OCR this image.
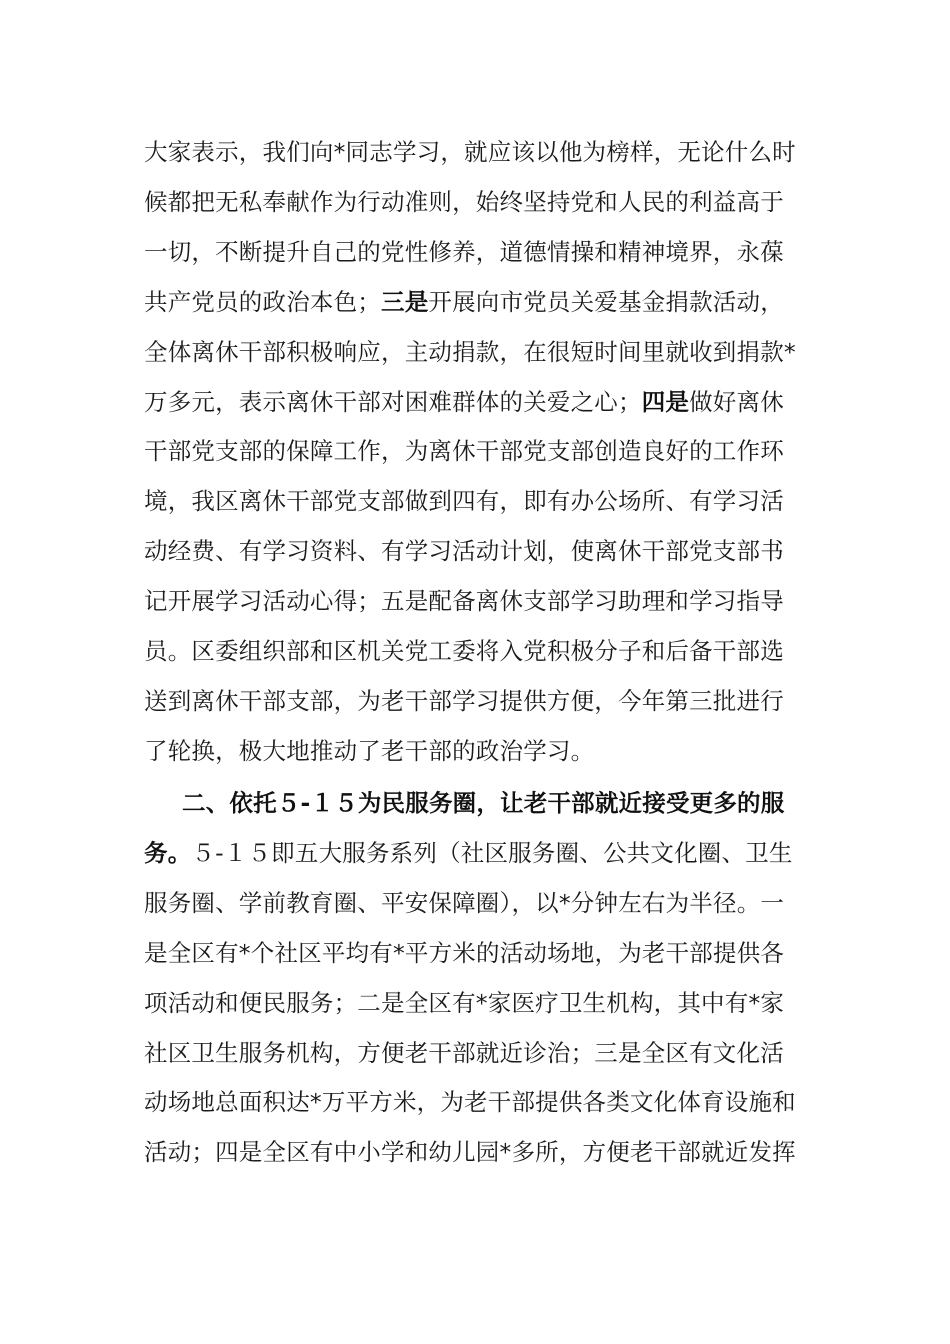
大家表示，我们向*同志学习，就应该以他为榜样，无论什么时
候都把无私奉献作为行动准则，始终坚持党和人民的利益高于
一切，不断提升自己的党性修养，道德情操和精神境界，永葆
共产党员的政治本色；三是开展向市党员关爱基金捐款活动，
全体离休干部积极响应，主动捐款，在很短时间里就收到捐款*
万多元，表示离休干部对困难群体的关爱之心；四是做好离休
干部党支部的保障工作，为离休干部党支部创造良好的工作环
境，我区离休干部党支部做到四有，即有办公场所、有学习活
动经费、有学习资料、有学习活动计划，使离休干部党支部书
记开展学习活动心得；五是配备离休支部学习助理和学习指导
员。区委组织部和区机关党工委将入党积极分子和后备干部选
送到离休干部支部，为老干部学习提供方便，今年第三批进行
了轮换，极大地推动了老干部的政治学习。
二、依托５-１５为民服务圈，让老干部就近接受更多的服
务。５-１５即五大服务系列（社区服务圈、公共文化圈、卫生
服务圈、学前教育圈、平安保障圈），以*分钟左右为半径。一
是全区有*个社区平均有*平方米的活动场地，为老干部提供各
项活动和便民服务；二是全区有*家医疗卫生机构，其中有*家
社区卫生服务机构，方便老干部就近诊治；三是全区有文化活
动场地总面积达*万平方米，为老干部提供各类文化体育设施和
活动；四是全区有中小学和幼儿园*多所，方便老干部就近发挥
